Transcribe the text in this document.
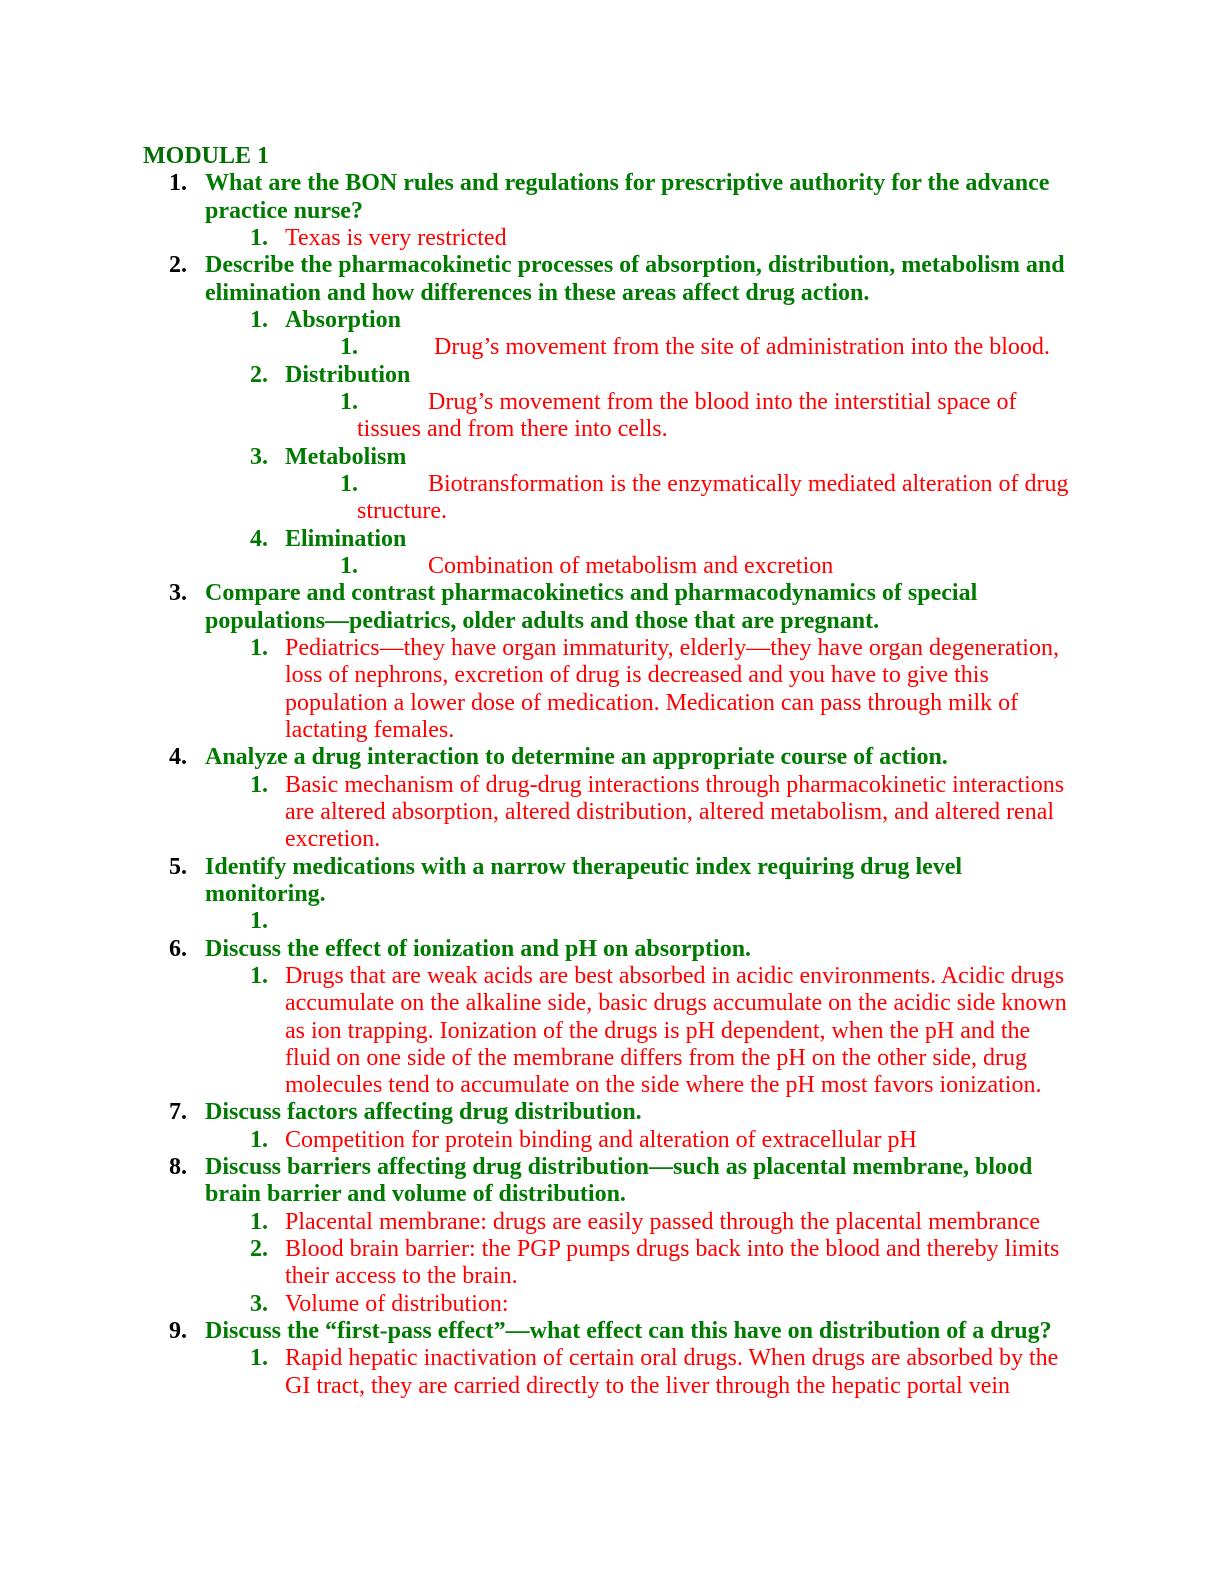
MODULE 1
1. What are the BON rules and regulations for prescriptive authority for the advance
practice nurse?
1. Texas is very restricted
2. Describe the pharmacokinetic processes of absorption, distribution, metabolism and
elimination and how differences in these areas affect drug action.
1. Absorption
1.	Drug’s movement from the site of administration into the blood.
2. Distribution
1.	Drug’s movement from the blood into the interstitial space of
tissues and from there into cells.
3. Metabolism
1.	Biotransformation is the enzymatically mediated alteration of drug
structure.
4. Elimination
1.	Combination of metabolism and excretion
3. Compare and contrast pharmacokinetics and pharmacodynamics of special
populations—pediatrics, older adults and those that are pregnant.
1. Pediatrics—they have organ immaturity, elderly—they have organ degeneration,
loss of nephrons, excretion of drug is decreased and you have to give this
population a lower dose of medication. Medication can pass through milk of
lactating females.
4. Analyze a drug interaction to determine an appropriate course of action.
1. Basic mechanism of drug-drug interactions through pharmacokinetic interactions
are altered absorption, altered distribution, altered metabolism, and altered renal
excretion.
5. Identify medications with a narrow therapeutic index requiring drug level
monitoring.
1.
6. Discuss the effect of ionization and pH on absorption.
1. Drugs that are weak acids are best absorbed in acidic environments. Acidic drugs
accumulate on the alkaline side, basic drugs accumulate on the acidic side known
as ion trapping. Ionization of the drugs is pH dependent, when the pH and the
fluid on one side of the membrane differs from the pH on the other side, drug
molecules tend to accumulate on the side where the pH most favors ionization.
7. Discuss factors affecting drug distribution.
1. Competition for protein binding and alteration of extracellular pH
8. Discuss barriers affecting drug distribution—such as placental membrane, blood
brain barrier and volume of distribution.
1. Placental membrane: drugs are easily passed through the placental membrance
2. Blood brain barrier: the PGP pumps drugs back into the blood and thereby limits
their access to the brain.
3. Volume of distribution:
9. Discuss the “first-pass effect”—what effect can this have on distribution of a drug?
1. Rapid hepatic inactivation of certain oral drugs. When drugs are absorbed by the
GI tract, they are carried directly to the liver through the hepatic portal vein
